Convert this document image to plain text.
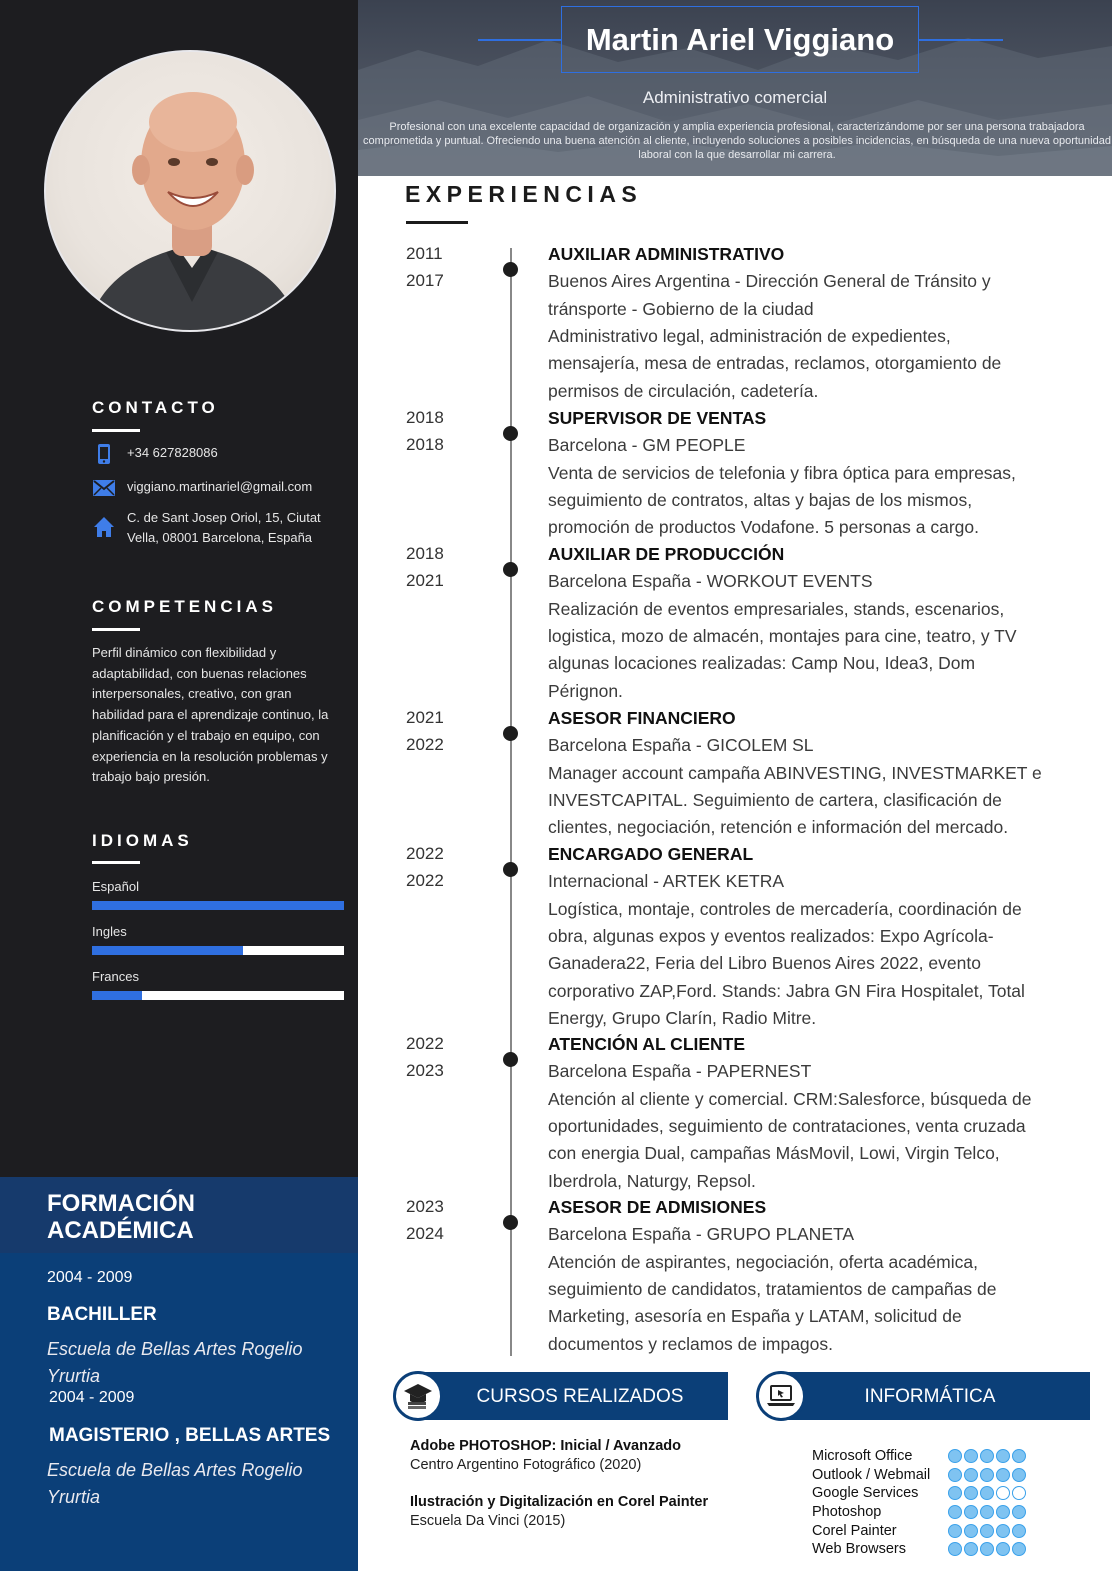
CONTACTO
+34 627828086
viggiano.martinariel@gmail.com
C. de Sant Josep Oriol, 15, Ciutat
Vella, 08001 Barcelona, España
COMPETENCIAS
Perfil dinámico con flexibilidad y
adaptabilidad, con buenas relaciones
interpersonales, creativo, con gran
habilidad para el aprendizaje continuo, la
planificación y el trabajo en equipo, con
experiencia en la resolución problemas y
trabajo bajo presión.
IDIOMAS
Español
Ingles
Frances
FORMACIÓN
ACADÉMICA
2004 - 2009
BACHILLER
Escuela de Bellas Artes Rogelio
Yrurtia
2004 - 2009
MAGISTERIO , BELLAS ARTES
Escuela de Bellas Artes Rogelio
Yrurtia
Martin Ariel Viggiano
Administrativo comercial
Profesional con una excelente capacidad de organización y amplia experiencia profesional, caracterizándome por ser una persona trabajadora comprometida y puntual. Ofreciendo una buena atención al cliente, incluyendo soluciones a posibles incidencias, en búsqueda de una nueva oportunidad laboral con la que desarrollar mi carrera.
EXPERIENCIAS
2011
2017
AUXILIAR ADMINISTRATIVO
Buenos Aires Argentina - Dirección General de Tránsito y
tránsporte - Gobierno de la ciudad
Administrativo legal, administración de expedientes,
mensajería, mesa de entradas, reclamos, otorgamiento de
permisos de circulación, cadetería.
2018
2018
SUPERVISOR DE VENTAS
Barcelona - GM PEOPLE
Venta de servicios de telefonia y fibra óptica para empresas,
seguimiento de contratos, altas y bajas de los mismos,
promoción de productos Vodafone. 5 personas a cargo.
2018
2021
AUXILIAR DE PRODUCCIÓN
Barcelona España - WORKOUT EVENTS
Realización de eventos empresariales, stands, escenarios,
logistica, mozo de almacén, montajes para cine, teatro, y TV
algunas locaciones realizadas: Camp Nou, Idea3, Dom
Pérignon.
2021
2022
ASESOR FINANCIERO
Barcelona España - GICOLEM SL
Manager account campaña ABINVESTING, INVESTMARKET e
INVESTCAPITAL. Seguimiento de cartera, clasificación de
clientes, negociación, retención e información del mercado.
2022
2022
ENCARGADO GENERAL
Internacional - ARTEK KETRA
Logística, montaje, controles de mercadería, coordinación de
obra, algunas expos y eventos realizados: Expo Agrícola-
Ganadera22, Feria del Libro Buenos Aires 2022, evento
corporativo ZAP,Ford. Stands: Jabra GN Fira Hospitalet, Total
Energy, Grupo Clarín, Radio Mitre.
2022
2023
ATENCIÓN AL CLIENTE
Barcelona España - PAPERNEST
Atención al cliente y comercial. CRM:Salesforce, búsqueda de
oportunidades, seguimiento de contrataciones, venta cruzada
con energia Dual, campañas MásMovil, Lowi, Virgin Telco,
Iberdrola, Naturgy, Repsol.
2023
2024
ASESOR DE ADMISIONES
Barcelona España - GRUPO PLANETA
Atención de aspirantes, negociación, oferta académica,
seguimiento de candidatos, tratamientos de campañas de
Marketing, asesoría en España y LATAM, solicitud de
documentos y reclamos de impagos.
CURSOS REALIZADOS
Adobe PHOTOSHOP: Inicial / Avanzado
Centro Argentino Fotográfico (2020)
Ilustración y Digitalización en Corel Painter
Escuela Da Vinci (2015)
INFORMÁTICA
Microsoft Office
Outlook / Webmail
Google Services
Photoshop
Corel Painter
Web Browsers
